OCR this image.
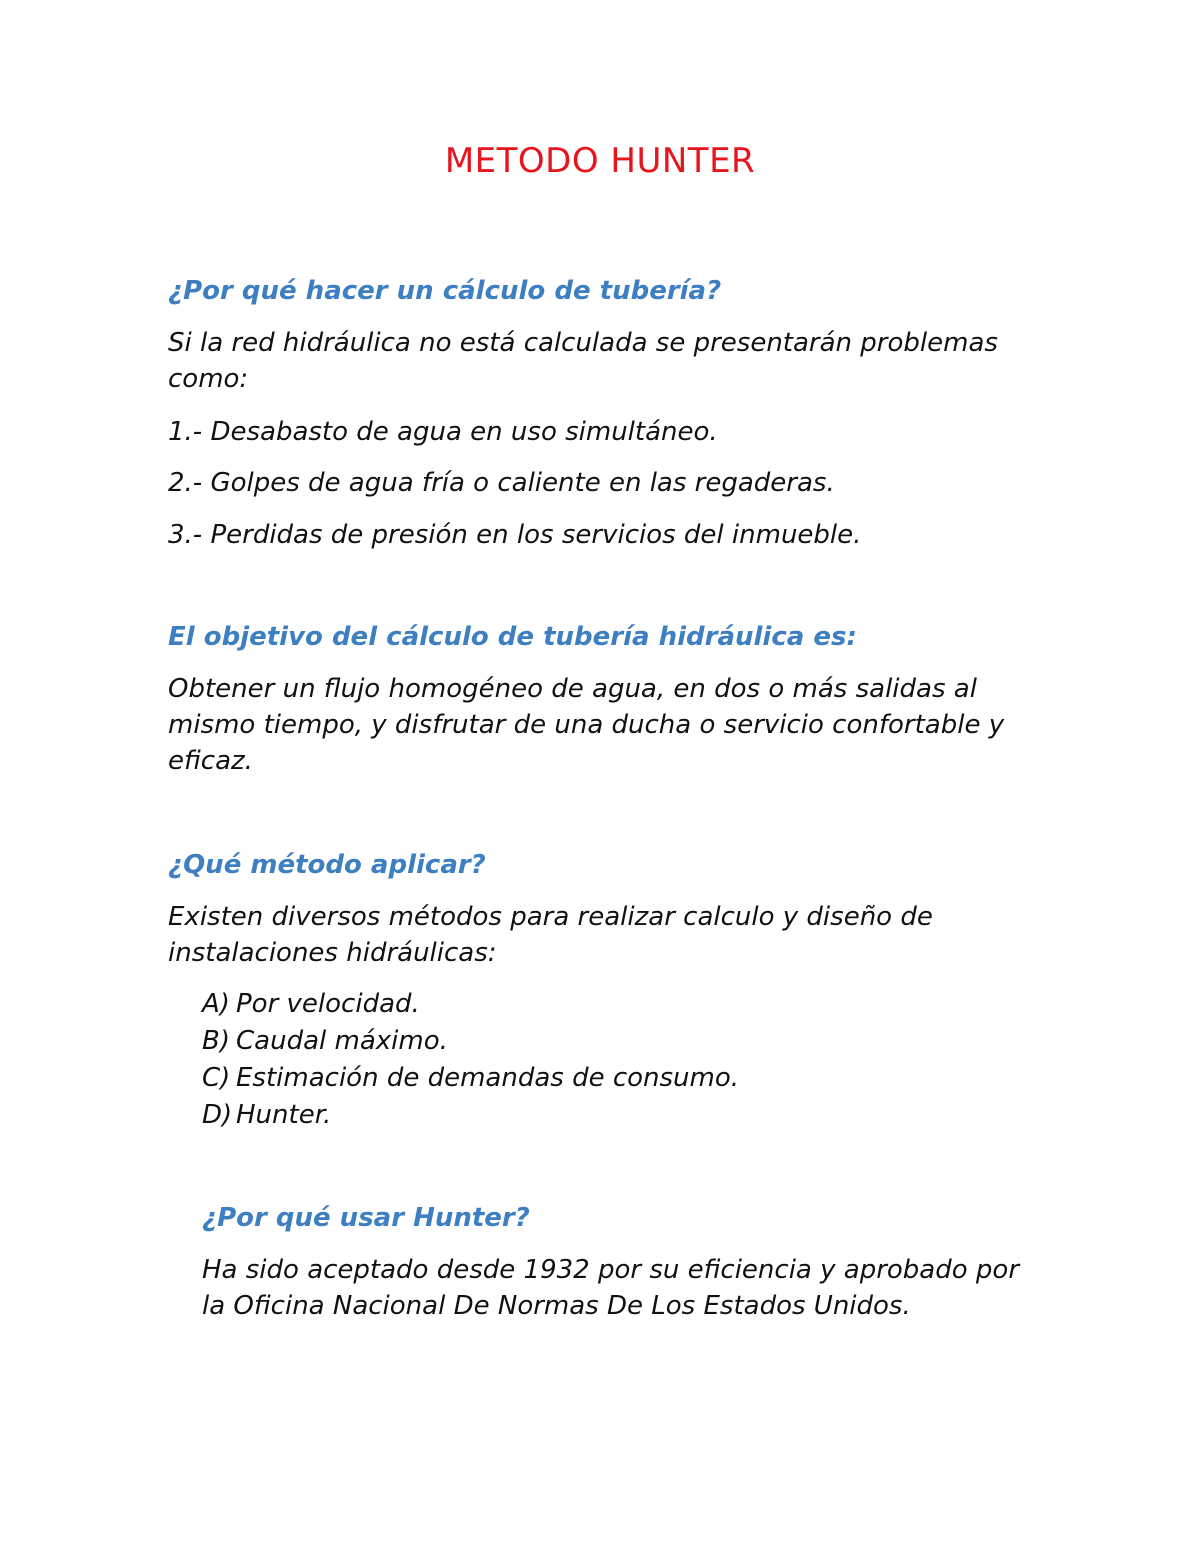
METODO HUNTER
¿Por qué hacer un cálculo de tubería?

Si la red hidráulica no está calculada se presentarán problemas como:

1.- Desabasto de agua en uso simultáneo.
2.- Golpes de agua fría o caliente en las regaderas.
3.- Perdidas de presión en los servicios del inmueble.
El objetivo del cálculo de tubería hidráulica es:

Obtener un flujo homogéneo de agua, en dos o más salidas al mismo tiempo, y disfrutar de una ducha o servicio confortable y eficaz.

¿Qué método aplicar?

Existen diversos métodos para realizar calculo y diseño de instalaciones hidráulicas:

A) Por velocidad.
B) Caudal máximo.
C) Estimación de demandas de consumo.
D) Hunter.
¿Por qué usar Hunter?

Ha sido aceptado desde 1932 por su eficiencia y aprobado por la Oficina Nacional De Normas De Los Estados Unidos.
